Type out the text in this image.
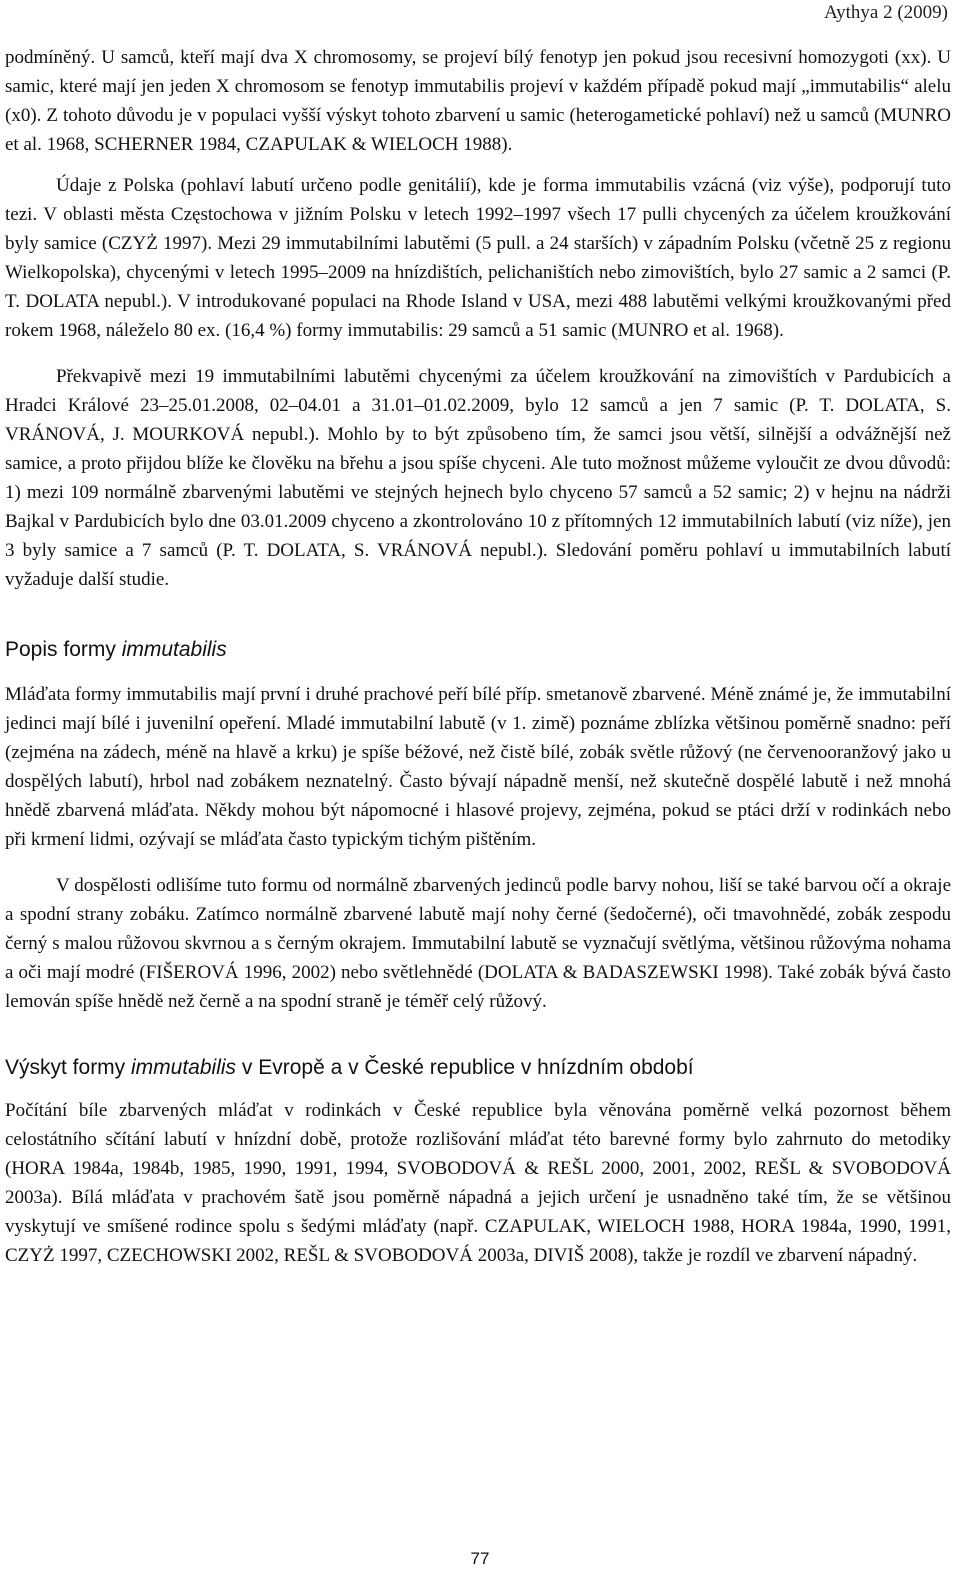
Aythya 2 (2009)

podmíněný. U samců, kteří mají dva X chromosomy, se projeví bílý fenotyp jen pokud jsou recesivní homozygoti (xx). U samic, které mají jen jeden X chromosom se fenotyp immutabilis projeví v každém případě pokud mají „immutabilis“ alelu (x0). Z tohoto důvodu je v populaci vyšší výskyt tohoto zbarvení u samic (heterogametické pohlaví) než u samců (MUNRO et al. 1968, SCHERNER 1984, CZAPULAK & WIELOCH 1988).

Údaje z Polska (pohlaví labutí určeno podle genitálií), kde je forma immutabilis vzácná (viz výše), podporují tuto tezi. V oblasti města Częstochowa v jižním Polsku v letech 1992–1997 všech 17 pulli chycených za účelem kroužkování byly samice (CZYŻ 1997). Mezi 29 immutabilními labutěmi (5 pull. a 24 starších) v západním Polsku (včetně 25 z regionu Wielkopolska), chycenými v letech 1995–2009 na hnízdištích, pelichaništích nebo zimovištích, bylo 27 samic a 2 samci (P. T. DOLATA nepubl.). V introdukované populaci na Rhode Island v USA, mezi 488 labutěmi velkými kroužkovanými před rokem 1968, náleželo 80 ex. (16,4 %) formy immutabilis: 29 samců a 51 samic (MUNRO et al. 1968).

Překvapivě mezi 19 immutabilními labutěmi chycenými za účelem kroužkování na zimovištích v Pardubicích a Hradci Králové 23–25.01.2008, 02–04.01 a 31.01–01.02.2009, bylo 12 samců a jen 7 samic (P. T. DOLATA, S. VRÁNOVÁ, J. MOURKOVÁ nepubl.). Mohlo by to být způsobeno tím, že samci jsou větší, silnější a odvážnější než samice, a proto přijdou blíže ke člověku na břehu a jsou spíše chyceni. Ale tuto možnost můžeme vyloučit ze dvou důvodů: 1) mezi 109 normálně zbarvenými labutěmi ve stejných hejnech bylo chyceno 57 samců a 52 samic; 2) v hejnu na nádrži Bajkal v Pardubicích bylo dne 03.01.2009 chyceno a zkontrolováno 10 z přítomných 12 immutabilních labutí (viz níže), jen 3 byly samice a 7 samců (P. T. DOLATA, S. VRÁNOVÁ nepubl.). Sledování poměru pohlaví u immutabilních labutí vyžaduje další studie.

Popis formy immutabilis

Mláďata formy immutabilis mají první i druhé prachové peří bílé příp. smetanově zbarvené. Méně známé je, že immutabilní jedinci mají bílé i juvenilní opeření. Mladé immutabilní labutě (v 1. zimě) poznáme zblízka většinou poměrně snadno: peří (zejména na zádech, méně na hlavě a krku) je spíše béžové, než čistě bílé, zobák světle růžový (ne červenooranžový jako u dospělých labutí), hrbol nad zobákem neznatelný. Často bývají nápadně menší, než skutečně dospělé labutě i než mnohá hnědě zbarvená mláďata. Někdy mohou být nápomocné i hlasové projevy, zejména, pokud se ptáci drží v rodinkách nebo při krmení lidmi, ozývají se mláďata často typickým tichým pištěním.

V dospělosti odlišíme tuto formu od normálně zbarvených jedinců podle barvy nohou, liší se také barvou očí a okraje a spodní strany zobáku. Zatímco normálně zbarvené labutě mají nohy černé (šedočerné), oči tmavohnědé, zobák zespodu černý s malou růžovou skvrnou a s černým okrajem. Immutabilní labutě se vyznačují světlýma, většinou růžovýma nohama a oči mají modré (FIŠEROVÁ 1996, 2002) nebo světlehnědé (DOLATA & BADASZEWSKI 1998). Také zobák bývá často lemován spíše hnědě než černě a na spodní straně je téměř celý růžový.

Výskyt formy immutabilis v Evropě a v České republice v hnízdním období

Počítání bíle zbarvených mláďat v rodinkách v České republice byla věnována poměrně velká pozornost během celostátního sčítání labutí v hnízdní době, protože rozlišování mláďat této barevné formy bylo zahrnuto do metodiky (HORA 1984a, 1984b, 1985, 1990, 1991, 1994, SVOBODOVÁ & REŠL 2000, 2001, 2002, REŠL & SVOBODOVÁ 2003a). Bílá mláďata v prachovém šatě jsou poměrně nápadná a jejich určení je usnadněno také tím, že se většinou vyskytují ve smíšené rodince spolu s šedými mláďaty (např. CZAPULAK, WIELOCH 1988, HORA 1984a, 1990, 1991, CZYŻ 1997, CZECHOWSKI 2002, REŠL & SVOBODOVÁ 2003a, DIVIŠ 2008), takže je rozdíl ve zbarvení nápadný.

77
